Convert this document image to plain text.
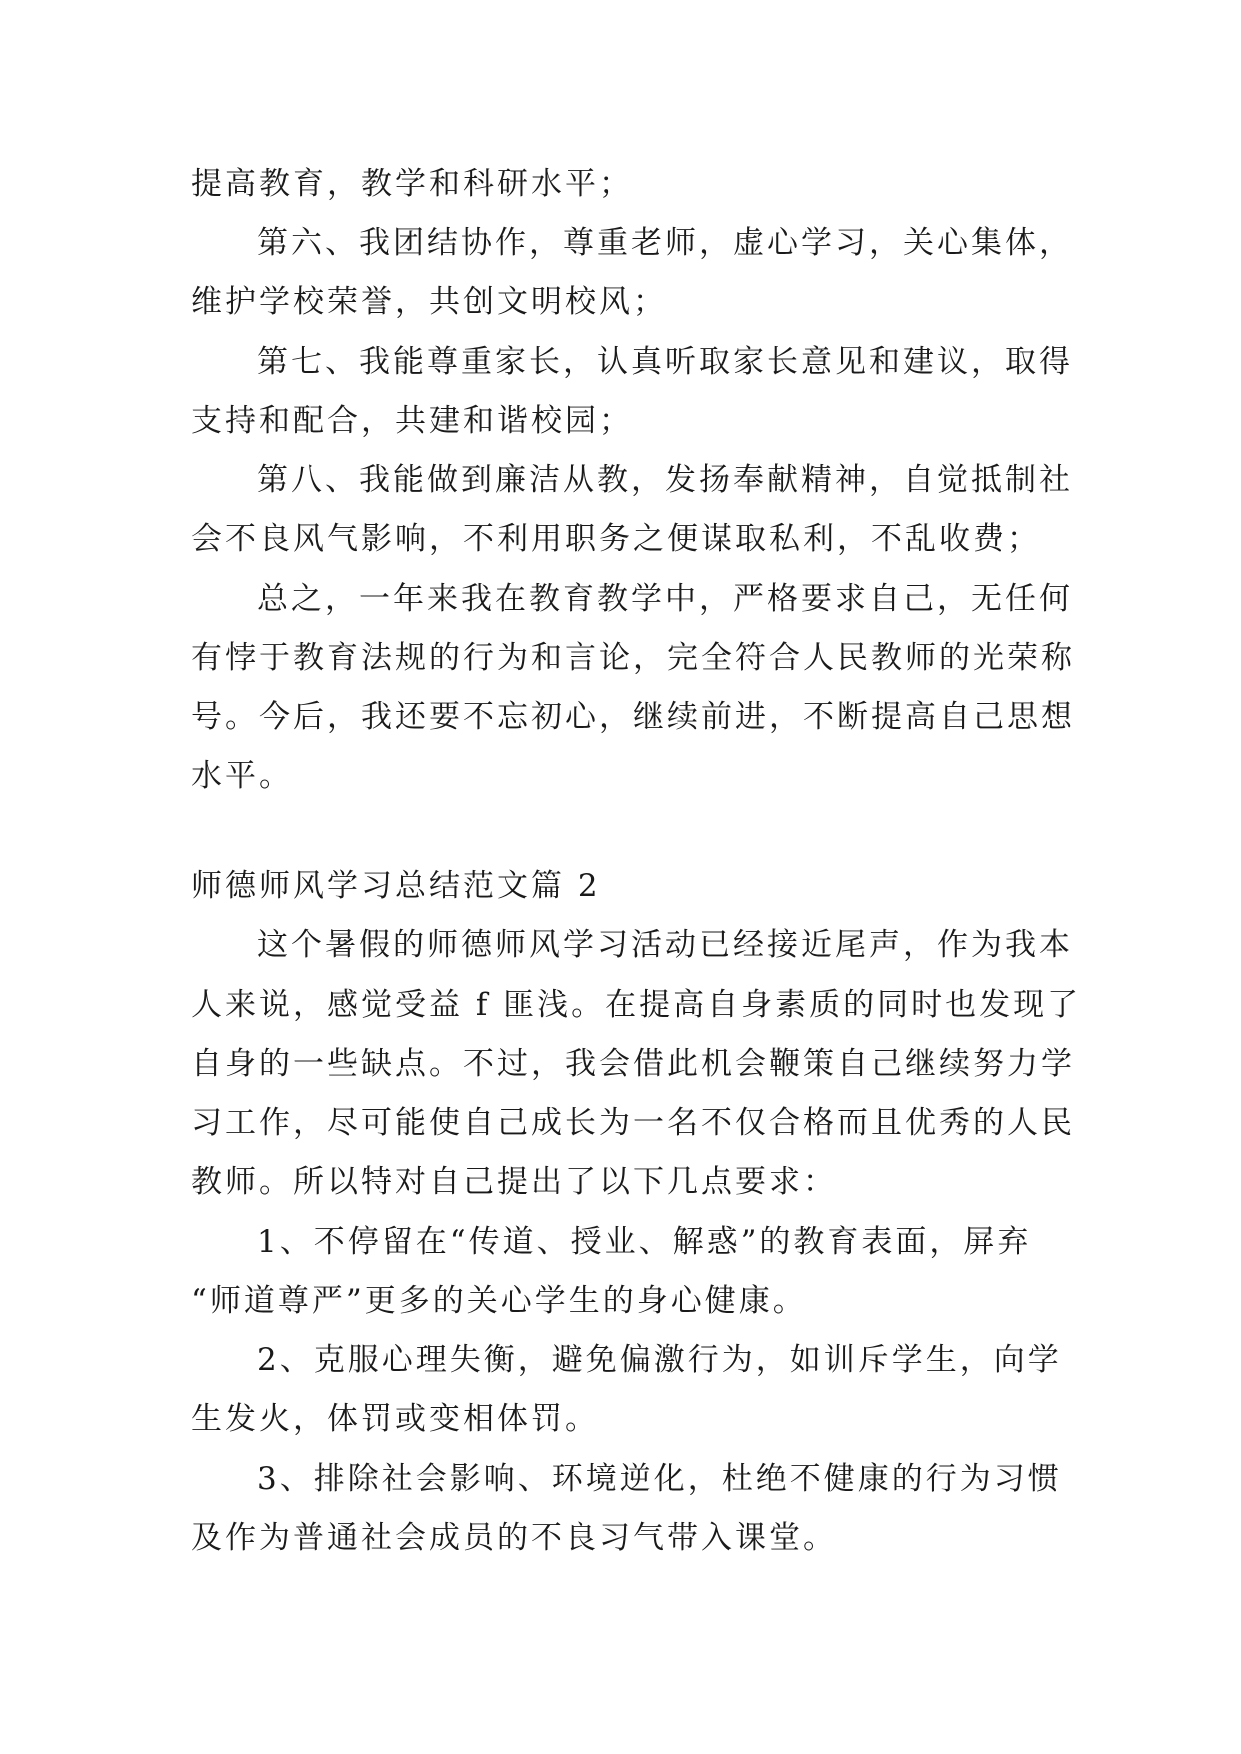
提高教育，教学和科研水平；
第六、我团结协作，尊重老师，虚心学习，关心集体，
维护学校荣誉，共创文明校风；
第七、我能尊重家长，认真听取家长意见和建议，取得
支持和配合，共建和谐校园；
第八、我能做到廉洁从教，发扬奉献精神，自觉抵制社
会不良风气影响，不利用职务之便谋取私利，不乱收费；
总之，一年来我在教育教学中，严格要求自己，无任何
有悖于教育法规的行为和言论，完全符合人民教师的光荣称
号。今后，我还要不忘初心，继续前进，不断提高自己思想
水平。
师德师风学习总结范文篇 2
这个暑假的师德师风学习活动已经接近尾声，作为我本
人来说，感觉受益 f 匪浅。在提高自身素质的同时也发现了
自身的一些缺点。不过，我会借此机会鞭策自己继续努力学
习工作，尽可能使自己成长为一名不仅合格而且优秀的人民
教师。所以特对自己提出了以下几点要求：
1、不停留在“传道、授业、解惑”的教育表面，屏弃
“师道尊严”更多的关心学生的身心健康。
2、克服心理失衡，避免偏激行为，如训斥学生，向学
生发火，体罚或变相体罚。
3、排除社会影响、环境逆化，杜绝不健康的行为习惯
及作为普通社会成员的不良习气带入课堂。
